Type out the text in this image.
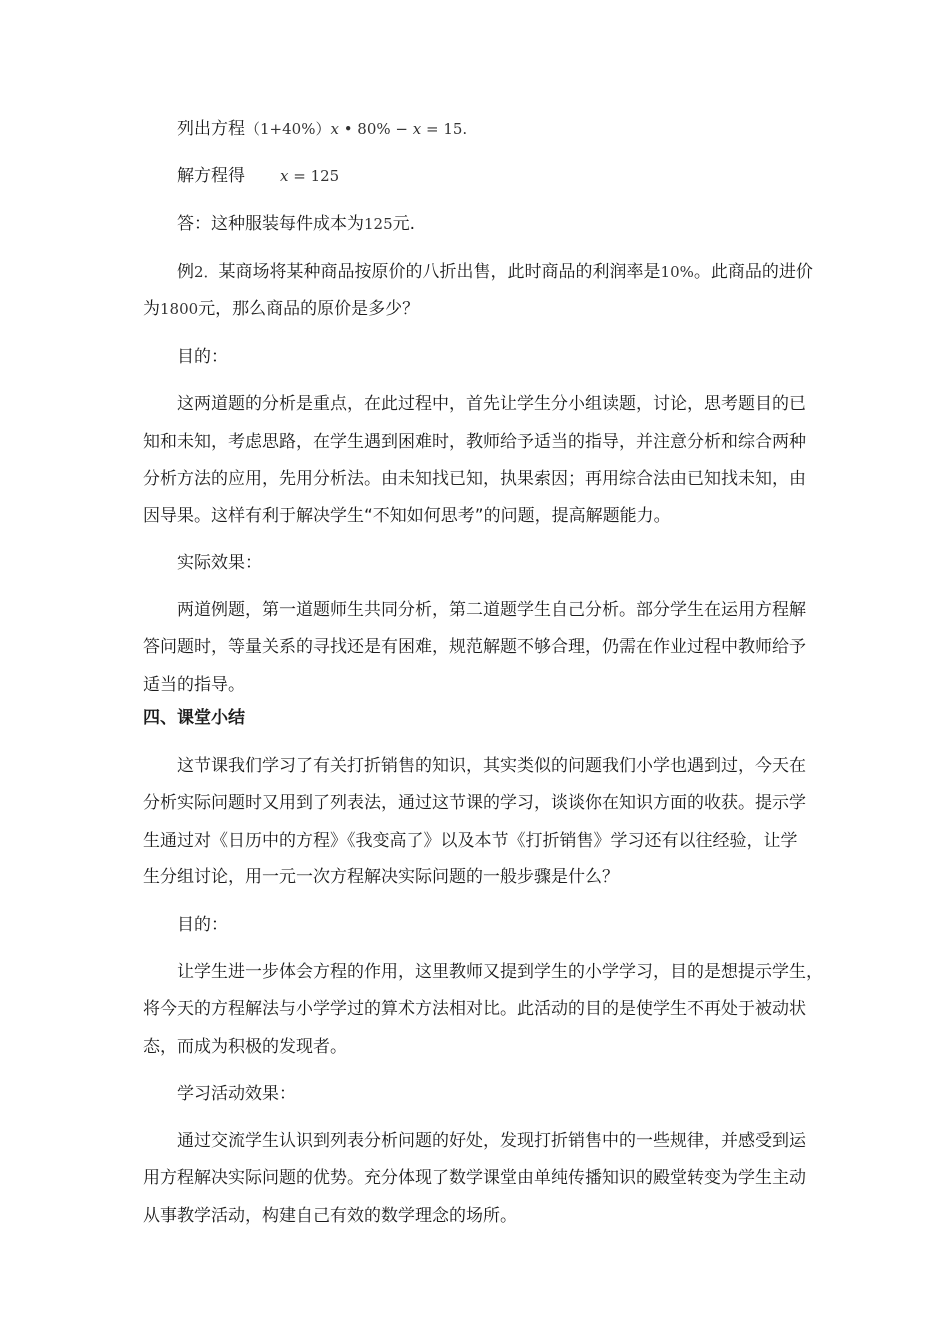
列出方程（1+40%）x • 80% − x = 15.
解方程得 x = 125
答：这种服装每件成本为125元.
例2．某商场将某种商品按原价的八折出售，此时商品的利润率是10%。此商品的进价
为1800元，那么商品的原价是多少？
目的：
这两道题的分析是重点，在此过程中，首先让学生分小组读题，讨论，思考题目的已
知和未知，考虑思路，在学生遇到困难时，教师给予适当的指导，并注意分析和综合两种
分析方法的应用，先用分析法。由未知找已知，执果索因；再用综合法由已知找未知，由
因导果。这样有利于解决学生“不知如何思考”的问题，提高解题能力。
实际效果：
两道例题，第一道题师生共同分析，第二道题学生自己分析。部分学生在运用方程解
答问题时，等量关系的寻找还是有困难，规范解题不够合理，仍需在作业过程中教师给予
适当的指导。
四、课堂小结
这节课我们学习了有关打折销售的知识，其实类似的问题我们小学也遇到过，今天在
分析实际问题时又用到了列表法，通过这节课的学习，谈谈你在知识方面的收获。提示学
生通过对《日历中的方程》《我变高了》以及本节《打折销售》学习还有以往经验，让学
生分组讨论，用一元一次方程解决实际问题的一般步骤是什么？
目的：
让学生进一步体会方程的作用，这里教师又提到学生的小学学习，目的是想提示学生，
将今天的方程解法与小学学过的算术方法相对比。此活动的目的是使学生不再处于被动状
态，而成为积极的发现者。
学习活动效果：
通过交流学生认识到列表分析问题的好处，发现打折销售中的一些规律，并感受到运
用方程解决实际问题的优势。充分体现了数学课堂由单纯传播知识的殿堂转变为学生主动
从事教学活动，构建自己有效的数学理念的场所。
